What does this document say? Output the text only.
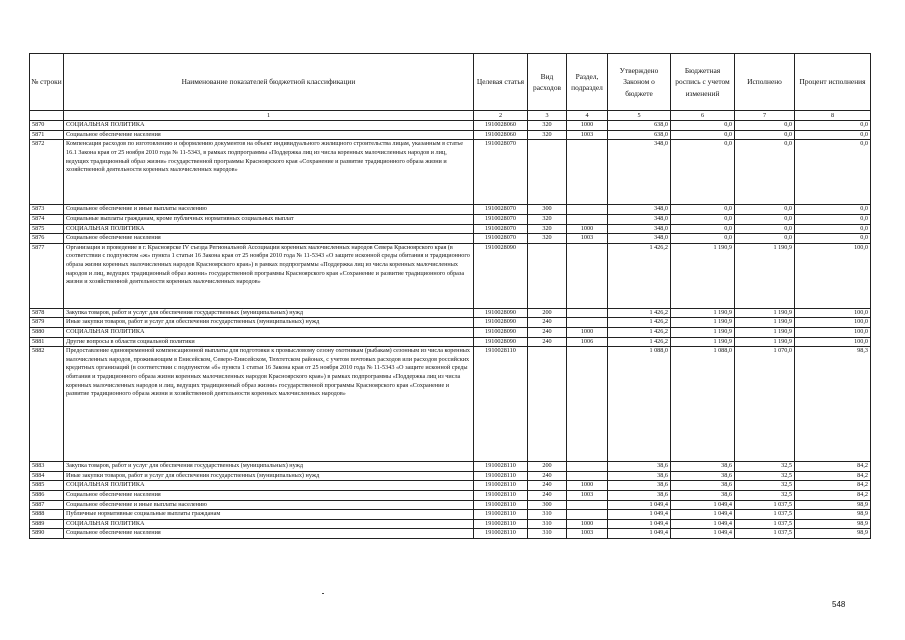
№ строки	Наименование показателей бюджетной классификации	Целевая статья	Вид расходов	Раздел, подраздел	Утверждено Законом о бюджете	Бюджетная роспись с учетом изменений	Исполнено	Процент исполнения
	1	2	3	4	5	6	7	8
5870	СОЦИАЛЬНАЯ ПОЛИТИКА	1910028060	320	1000	638,0	0,0	0,0	0,0
5871	Социальное обеспечение населения	1910028060	320	1003	638,0	0,0	0,0	0,0
5872	Компенсация расходов по изготовлению и оформлению документов на объект индивидуального жилищного строительства лицам, указанным в статье 16.1 Закона края от 25 ноября 2010 года № 11-5343, в рамках подпрограммы «Поддержка лиц из числа коренных малочисленных народов и лиц, ведущих традиционный образ жизни» государственной программы Красноярского края «Сохранение и развитие традиционного образа жизни и хозяйственной деятельности коренных малочисленных народов»	1910028070			348,0	0,0	0,0	0,0
5873	Социальное обеспечение и иные выплаты населению	1910028070	300		348,0	0,0	0,0	0,0
5874	Социальные выплаты гражданам, кроме публичных нормативных социальных выплат	1910028070	320		348,0	0,0	0,0	0,0
5875	СОЦИАЛЬНАЯ ПОЛИТИКА	1910028070	320	1000	348,0	0,0	0,0	0,0
5876	Социальное обеспечение населения	1910028070	320	1003	348,0	0,0	0,0	0,0
5877	Организация и проведение в г. Красноярске IV съезда Региональной Ассоциации коренных малочисленных народов Севера Красноярского края (в соответствии с подпунктом «ж» пункта 1 статьи 16 Закона края от 25 ноября 2010 года № 11-5343 «О защите исконной среды обитания и традиционного образа жизни коренных малочисленных народов Красноярского края») в рамках подпрограммы «Поддержка лиц из числа коренных малочисленных народов и лиц, ведущих традиционный образ жизни» государственной программы Красноярского края «Сохранение и развитие традиционного образа жизни и хозяйственной деятельности коренных малочисленных народов»	1910028090			1 426,2	1 190,9	1 190,9	100,0
5878	Закупка товаров, работ и услуг для обеспечения государственных (муниципальных) нужд	1910028090	200		1 426,2	1 190,9	1 190,9	100,0
5879	Иные закупки товаров, работ и услуг для обеспечения государственных (муниципальных) нужд	1910028090	240		1 426,2	1 190,9	1 190,9	100,0
5880	СОЦИАЛЬНАЯ ПОЛИТИКА	1910028090	240	1000	1 426,2	1 190,9	1 190,9	100,0
5881	Другие вопросы в области социальной политики	1910028090	240	1006	1 426,2	1 190,9	1 190,9	100,0
5882	Предоставление единовременной компенсационной выплаты для подготовки к промысловому сезону охотникам (рыбакам) сезонным из числа коренных малочисленных народов, проживающим в Енисейском, Северо-Енисейском, Тюхтетском районах, с учетом почтовых расходов или расходов российских кредитных организаций (в соответствии с подпунктом «б» пункта 1 статьи 16 Закона края от 25 ноября 2010 года № 11-5343 «О защите исконной среды обитания и традиционного образа жизни коренных малочисленных народов Красноярского края») в рамках подпрограммы «Поддержка лиц из числа коренных малочисленных народов и лиц, ведущих традиционный образ жизни» государственной программы Красноярского края «Сохранение и развитие традиционного образа жизни и хозяйственной деятельности коренных малочисленных народов»	1910028110			1 088,0	1 088,0	1 070,0	98,3
5883	Закупка товаров, работ и услуг для обеспечения государственных (муниципальных) нужд	1910028110	200		38,6	38,6	32,5	84,2
5884	Иные закупки товаров, работ и услуг для обеспечения государственных (муниципальных) нужд	1910028110	240		38,6	38,6	32,5	84,2
5885	СОЦИАЛЬНАЯ ПОЛИТИКА	1910028110	240	1000	38,6	38,6	32,5	84,2
5886	Социальное обеспечение населения	1910028110	240	1003	38,6	38,6	32,5	84,2
5887	Социальное обеспечение и иные выплаты населению	1910028110	300		1 049,4	1 049,4	1 037,5	98,9
5888	Публичные нормативные социальные выплаты гражданам	1910028110	310		1 049,4	1 049,4	1 037,5	98,9
5889	СОЦИАЛЬНАЯ ПОЛИТИКА	1910028110	310	1000	1 049,4	1 049,4	1 037,5	98,9
5890	Социальное обеспечение населения	1910028110	310	1003	1 049,4	1 049,4	1 037,5	98,9
548
